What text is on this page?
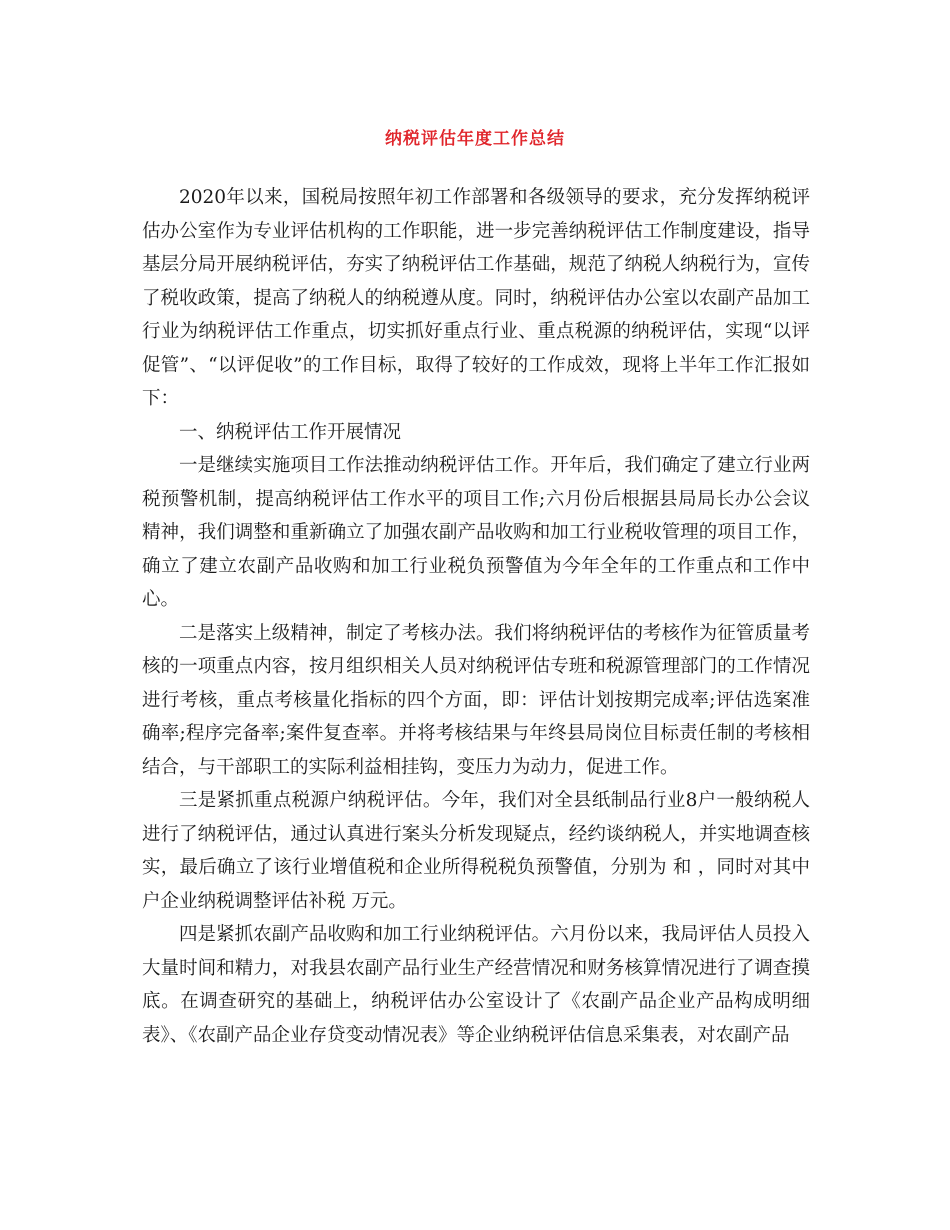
纳税评估年度工作总结

2020年以来，国税局按照年初工作部署和各级领导的要求，充分发挥纳税评估办公室作为专业评估机构的工作职能，进一步完善纳税评估工作制度建设，指导基层分局开展纳税评估，夯实了纳税评估工作基础，规范了纳税人纳税行为，宣传了税收政策，提高了纳税人的纳税遵从度。同时，纳税评估办公室以农副产品加工行业为纳税评估工作重点，切实抓好重点行业、重点税源的纳税评估，实现“以评促管”、“以评促收”的工作目标，取得了较好的工作成效，现将上半年工作汇报如下：

一、纳税评估工作开展情况

一是继续实施项目工作法推动纳税评估工作。开年后，我们确定了建立行业两税预警机制，提高纳税评估工作水平的项目工作;六月份后根据县局局长办公会议精神，我们调整和重新确立了加强农副产品收购和加工行业税收管理的项目工作，确立了建立农副产品收购和加工行业税负预警值为今年全年的工作重点和工作中心。

二是落实上级精神，制定了考核办法。我们将纳税评估的考核作为征管质量考核的一项重点内容，按月组织相关人员对纳税评估专班和税源管理部门的工作情况进行考核，重点考核量化指标的四个方面，即：评估计划按期完成率;评估选案准确率;程序完备率;案件复查率。并将考核结果与年终县局岗位目标责任制的考核相结合，与干部职工的实际利益相挂钩，变压力为动力，促进工作。

三是紧抓重点税源户纳税评估。今年，我们对全县纸制品行业8户一般纳税人进行了纳税评估，通过认真进行案头分析发现疑点，经约谈纳税人，并实地调查核实，最后确立了该行业增值税和企业所得税税负预警值，分别为 和 ，同时对其中户企业纳税调整评估补税 万元。

四是紧抓农副产品收购和加工行业纳税评估。六月份以来，我局评估人员投入大量时间和精力，对我县农副产品行业生产经营情况和财务核算情况进行了调查摸底。在调查研究的基础上，纳税评估办公室设计了《农副产品企业产品构成明细表》、《农副产品企业存贷变动情况表》等企业纳税评估信息采集表，对农副产品
